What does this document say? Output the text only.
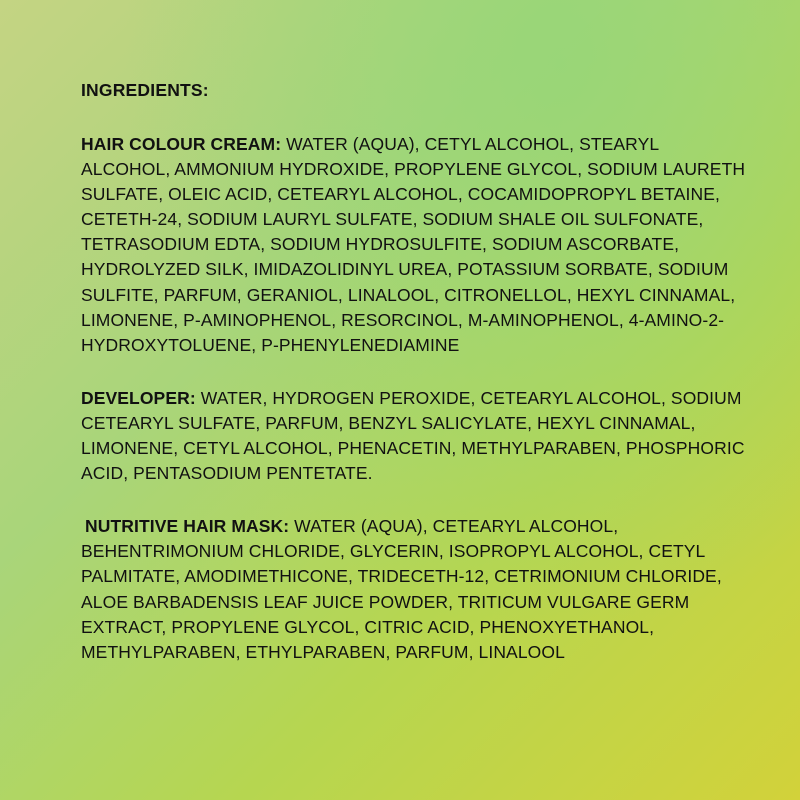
INGREDIENTS:

HAIR COLOUR CREAM: WATER (AQUA), CETYL ALCOHOL, STEARYL ALCOHOL, AMMONIUM HYDROXIDE, PROPYLENE GLYCOL, SODIUM LAURETH SULFATE, OLEIC ACID, CETEARYL ALCOHOL, COCAMIDOPROPYL BETAINE, CETETH-24, SODIUM LAURYL SULFATE, SODIUM SHALE OIL SULFONATE, TETRASODIUM EDTA, SODIUM HYDROSULFITE, SODIUM ASCORBATE, HYDROLYZED SILK, IMIDAZOLIDINYL UREA, POTASSIUM SORBATE, SODIUM SULFITE, PARFUM, GERANIOL, LINALOOL, CITRONELLOL, HEXYL CINNAMAL, LIMONENE, P-AMINOPHENOL, RESORCINOL, M-AMINOPHENOL, 4-AMINO-2-HYDROXYTOLUENE, P-PHENYLENEDIAMINE

DEVELOPER: WATER, HYDROGEN PEROXIDE, CETEARYL ALCOHOL, SODIUM CETEARYL SULFATE, PARFUM, BENZYL SALICYLATE, HEXYL CINNAMAL, LIMONENE, CETYL ALCOHOL, PHENACETIN, METHYLPARABEN, PHOSPHORIC ACID, PENTASODIUM PENTETATE.

NUTRITIVE HAIR MASK: WATER (AQUA), CETEARYL ALCOHOL, BEHENTRIMONIUM CHLORIDE, GLYCERIN, ISOPROPYL ALCOHOL, CETYL PALMITATE, AMODIMETHICONE, TRIDECETH-12, CETRIMONIUM CHLORIDE, ALOE BARBADENSIS LEAF JUICE POWDER, TRITICUM VULGARE GERM EXTRACT, PROPYLENE GLYCOL, CITRIC ACID, PHENOXYETHANOL, METHYLPARABEN, ETHYLPARABEN, PARFUM, LINALOOL
